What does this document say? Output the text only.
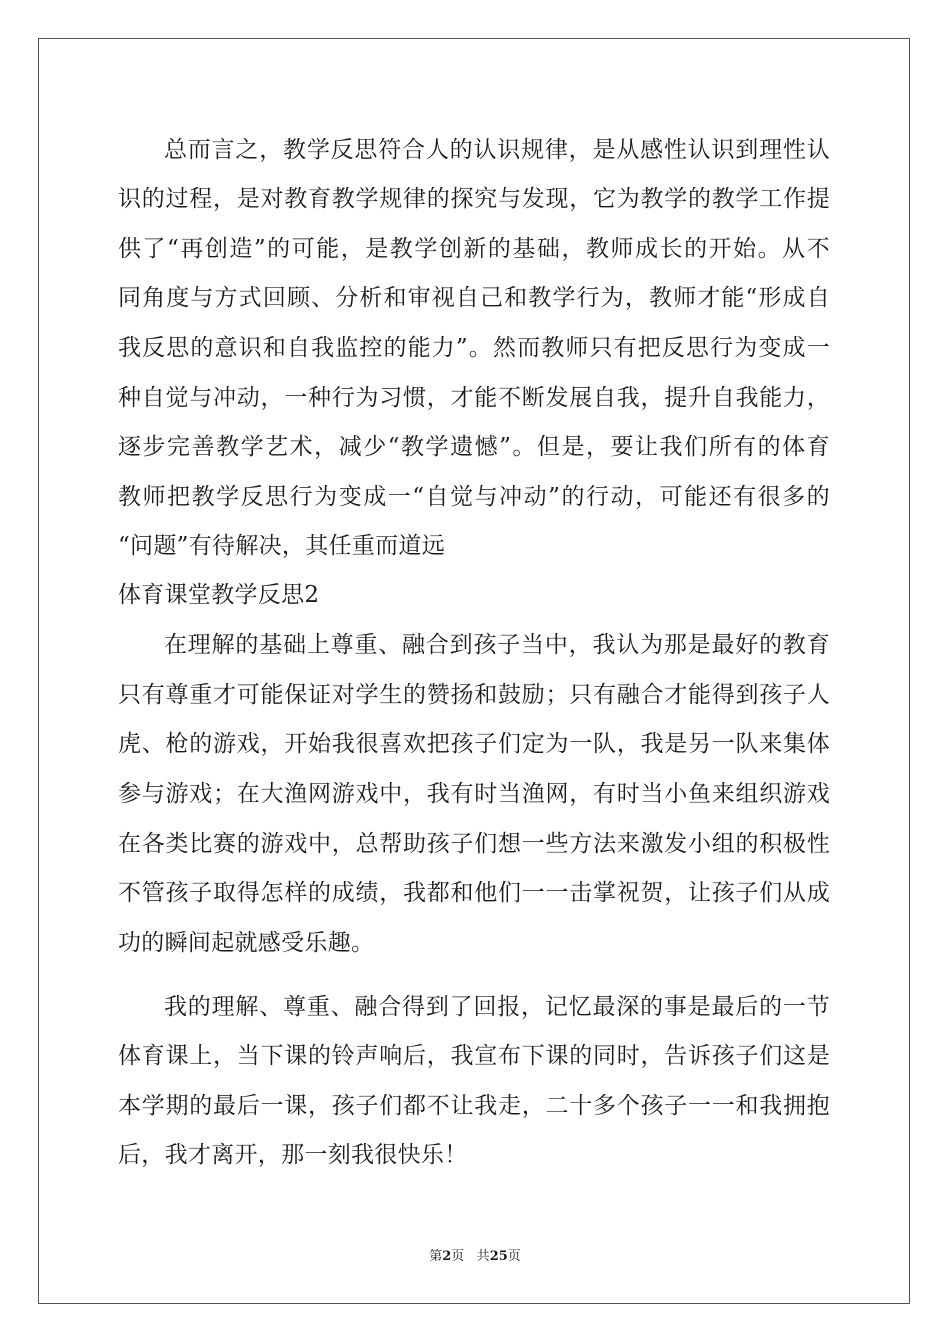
总而言之，教学反思符合人的认识规律，是从感性认识到理性认
识的过程，是对教育教学规律的探究与发现，它为教学的教学工作提
供了“再创造”的可能，是教学创新的基础，教师成长的开始。从不
同角度与方式回顾、分析和审视自己和教学行为，教师才能“形成自
我反思的意识和自我监控的能力”。然而教师只有把反思行为变成一
种自觉与冲动，一种行为习惯，才能不断发展自我，提升自我能力，
逐步完善教学艺术，减少“教学遗憾”。但是，要让我们所有的体育
教师把教学反思行为变成一“自觉与冲动”的行动，可能还有很多的
“问题”有待解决，其任重而道远
体育课堂教学反思2
在理解的基础上尊重、融合到孩子当中，我认为那是最好的教育
只有尊重才可能保证对学生的赞扬和鼓励；只有融合才能得到孩子人
虎、枪的游戏，开始我很喜欢把孩子们定为一队，我是另一队来集体
参与游戏；在大渔网游戏中，我有时当渔网，有时当小鱼来组织游戏
在各类比赛的游戏中，总帮助孩子们想一些方法来激发小组的积极性
不管孩子取得怎样的成绩，我都和他们一一击掌祝贺，让孩子们从成
功的瞬间起就感受乐趣。
我的理解、尊重、融合得到了回报，记忆最深的事是最后的一节
体育课上，当下课的铃声响后，我宣布下课的同时，告诉孩子们这是
本学期的最后一课，孩子们都不让我走，二十多个孩子一一和我拥抱
后，我才离开，那一刻我很快乐！
第2页 共25页
